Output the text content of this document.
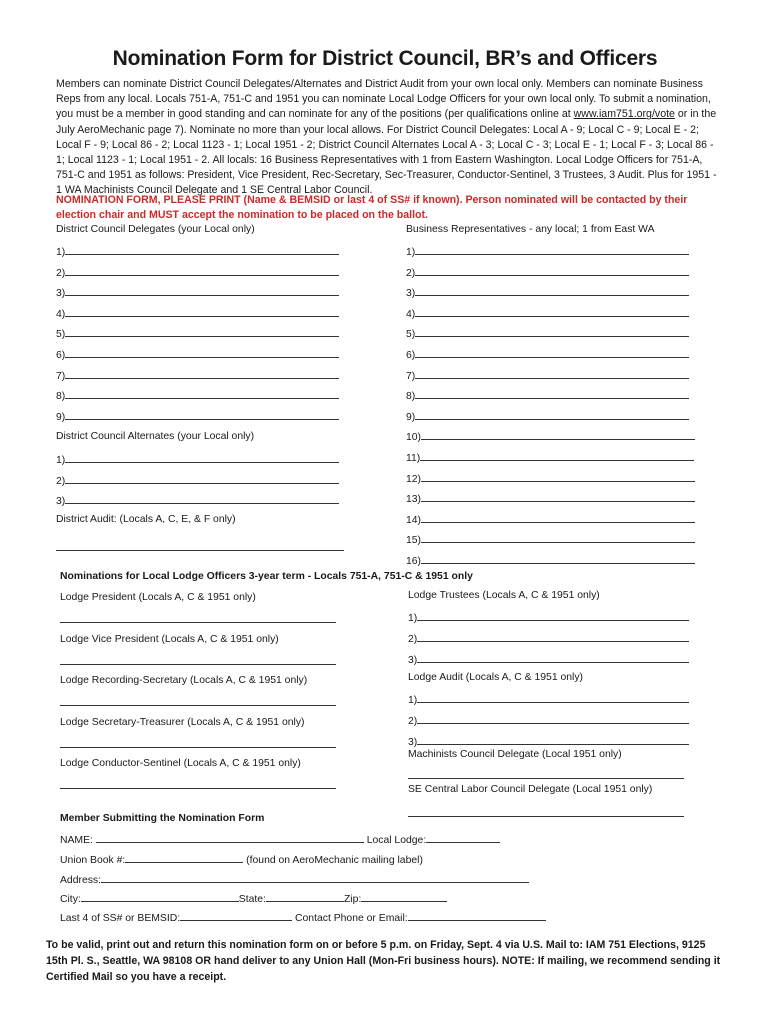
Nomination Form for District Council, BR’s and Officers
Members can nominate District Council Delegates/Alternates and District Audit from your own local only. Members can nominate Business Reps from any local. Locals 751-A, 751-C and 1951 you can nominate Local Lodge Officers for your own local only. To submit a nomination, you must be a member in good standing and can nominate for any of the positions (per qualifications online at www.iam751.org/vote or in the July AeroMechanic page 7). Nominate no more than your local allows. For District Council Delegates: Local A - 9; Local C - 9; Local E - 2; Local F - 9; Local 86 - 2; Local 1123 - 1; Local 1951 - 2; District Council Alternates Local A - 3; Local C - 3; Local E - 1; Local F - 3; Local 86 - 1; Local 1123 - 1; Local 1951 - 2. All locals: 16 Business Representatives with 1 from Eastern Washington. Local Lodge Officers for 751-A, 751-C and 1951 as follows: President, Vice President, Rec-Secretary, Sec-Treasurer, Conductor-Sentinel, 3 Trustees, 3 Audit. Plus for 1951 - 1 WA Machinists Council Delegate and 1 SE Central Labor Council.
NOMINATION FORM, PLEASE PRINT (Name & BEMSID or last 4 of SS# if known). Person nominated will be contacted by their election chair and MUST accept the nomination to be placed on the ballot.
District Council Delegates (your Local only)
1)
2)
3)
4)
5)
6)
7)
8)
9)
District Council Alternates (your Local only)
1)
2)
3)
District Audit: (Locals A, C, E, & F only)
Business Representatives - any local; 1 from East WA
1)
2)
3)
4)
5)
6)
7)
8)
9)
10)
11)
12)
13)
14)
15)
16)
Nominations for Local Lodge Officers 3-year term - Locals 751-A, 751-C & 1951 only
Lodge President (Locals A, C & 1951 only)
Lodge Vice President (Locals A, C & 1951 only)
Lodge Recording-Secretary (Locals A, C & 1951 only)
Lodge Secretary-Treasurer (Locals A, C & 1951 only)
Lodge Conductor-Sentinel (Locals A, C & 1951 only)
Lodge Trustees (Locals A, C & 1951 only)
1)
2)
3)
Lodge Audit (Locals A, C & 1951 only)
1)
2)
3)
Machinists Council Delegate (Local 1951 only)
SE Central Labor Council Delegate (Local 1951 only)
Member Submitting the Nomination Form
NAME:	Local Lodge:
Union Book #:	(found on AeroMechanic mailing label)
Address:
City:	State:	Zip:
Last 4 of SS# or BEMSID:	Contact Phone or Email:
To be valid, print out and return this nomination form on or before 5 p.m. on Friday, Sept. 4 via U.S. Mail to: IAM 751 Elections, 9125 15th Pl. S., Seattle, WA 98108 OR hand deliver to any Union Hall (Mon-Fri business hours). NOTE: If mailing, we recommend sending it Certified Mail so you have a receipt.
